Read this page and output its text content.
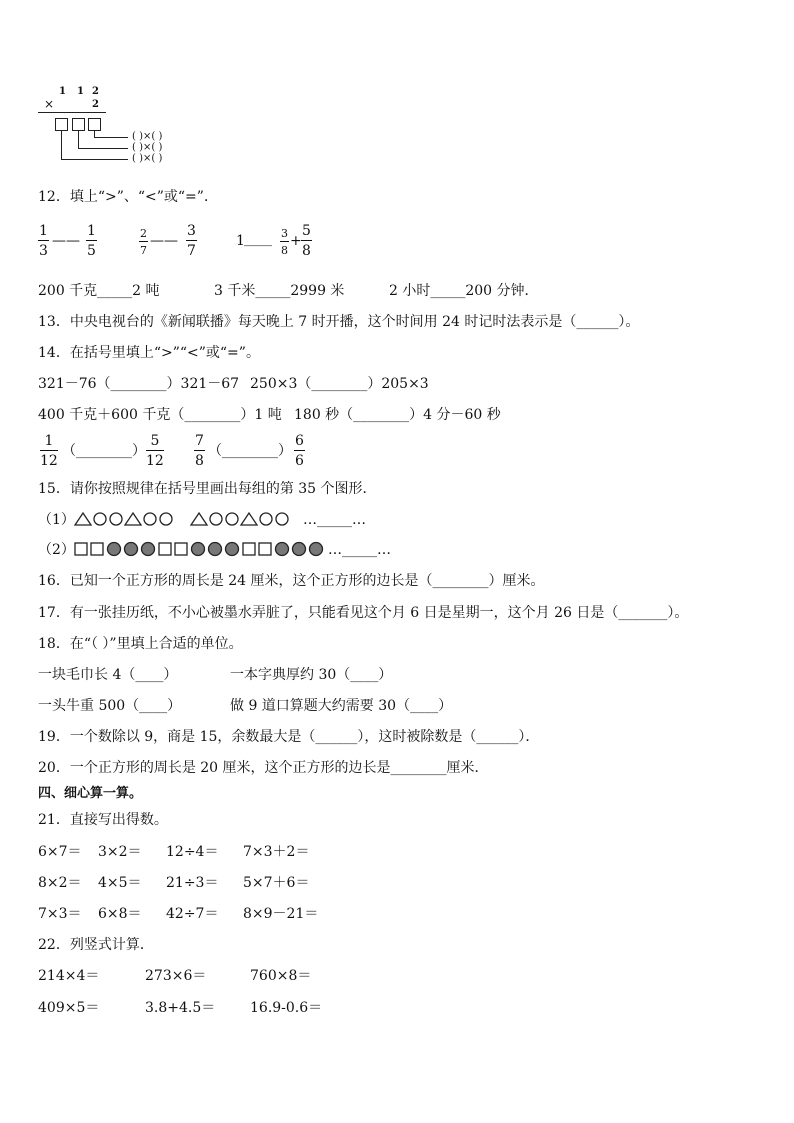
1 1 2
×	2
( )×( )
( )×( )
( )×( )
12．填上“>”、“<”或“=”．
$\frac{1}{3}$ —— $\frac{1}{5}$	$\frac{2}{7}$ —— $\frac{3}{7}$	1 ____ $\frac{3}{8} + \frac{5}{8}$
200 千克_____2 吨	3 千米_____2999 米	2 小时_____200 分钟．
13．中央电视台的《新闻联播》每天晚上 7 时开播，这个时间用 24 时记时法表示是（______）。
14．在括号里填上“>”“<”或“=”。
321－76（________）321－67 250×3（________）205×3
400 千克＋600 千克（________）1 吨 180 秒（________）4 分－60 秒
$\frac{1}{12}$ （________） $\frac{5}{12} \frac{7}{8}$ （________） $\frac{6}{6}$
15．请你按照规律在括号里画出每组的第 35 个图形．
（1）	…_____…
（2）	…_____…
16．已知一个正方形的周长是 24 厘米，这个正方形的边长是（________）厘米。
17．有一张挂历纸，不小心被墨水弄脏了，只能看见这个月 6 日是星期一，这个月 26 日是（_______）。
18．在“（ ）”里填上合适的单位。
一块毛巾长 4（____）	一本字典厚约 30（____）
一头牛重 500（____）	做 9 道口算题大约需要 30（____）
19．一个数除以 9，商是 15，余数最大是（______），这时被除数是（______）．
20．一个正方形的周长是 20 厘米，这个正方形的边长是________厘米．
四、细心算一算。
21．直接写出得数。
6×7＝ 3×2＝ 12÷4＝ 7×3＋2＝
8×2＝ 4×5＝ 21÷3＝ 5×7＋6＝
7×3＝ 6×8＝ 42÷7＝ 8×9－21＝
22．列竖式计算．
214×4＝	273×6＝	760×8＝
409×5＝	3.8+4.5＝ 16.9-0.6＝
